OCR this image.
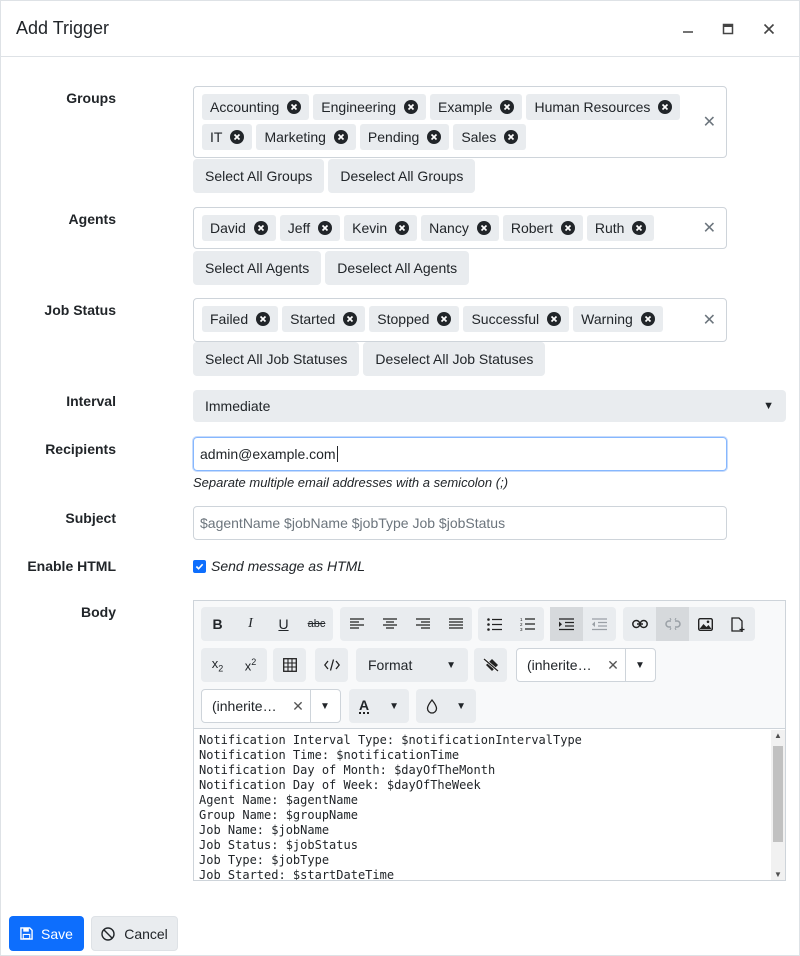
Add Trigger
Groups
Accounting	Engineering	Example	Human Resources
IT	Marketing	Pending	Sales
✕
Select All Groups	Deselect All Groups
Agents
David	Jeff	Kevin	Nancy	Robert	Ruth	✕
Select All Agents	Deselect All Agents
Job Status
Failed	Started	Stopped	Successful	Warning	✕
Select All Job Statuses	Deselect All Job Statuses
Interval	Immediate	▼
Recipients	admin@example.com
Separate multiple email addresses with a semicolon (;)
Subject	$agentName $jobName $jobType Job $jobStatus
Enable HTML	Send message as HTML
Body
B I U abc	1
2
3
$x_2$ $x^2$	Format	▼	(inherite…	✕	▼
(inherite…	✕	▼	A ▼	▼
Notification Interval Type: $notificationIntervalType
Notification Time: $notificationTime
Notification Day of Month: $dayOfTheMonth
Notification Day of Week: $dayOfTheWeek
Agent Name: $agentName
Group Name: $groupName
Job Name: $jobName
Job Status: $jobStatus
Job Type: $jobType
Job Started: $startDateTime
▲
▼
Save	Cancel
